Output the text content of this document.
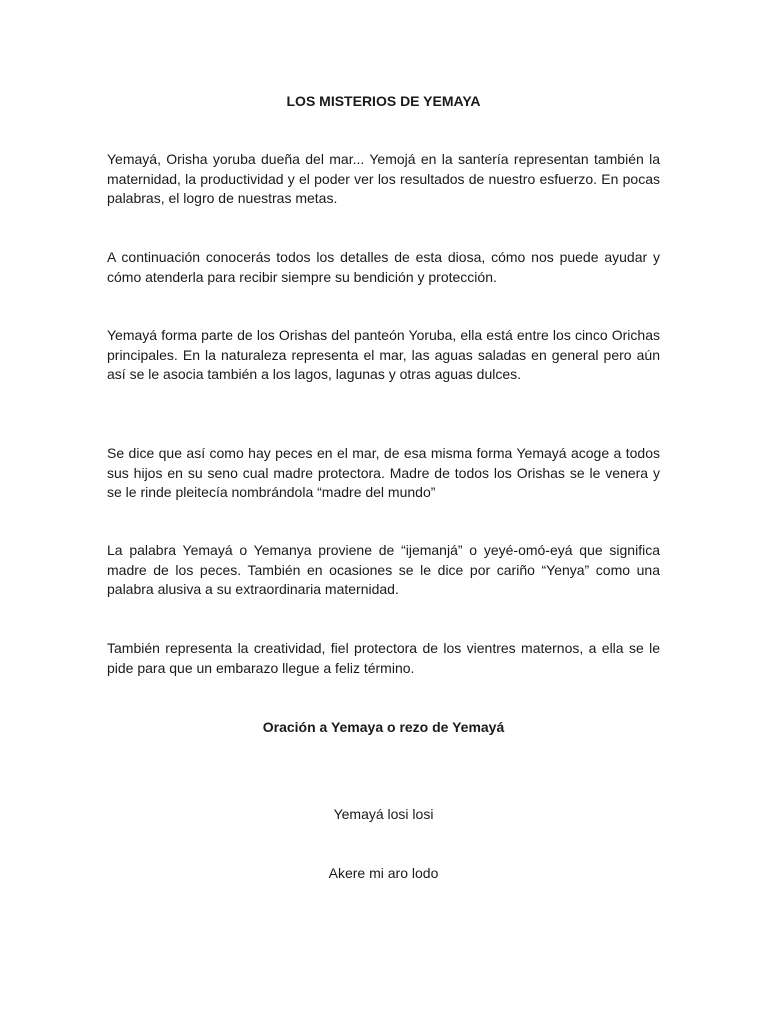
LOS MISTERIOS DE YEMAYA

Yemayá, Orisha yoruba dueña del mar... Yemojá en la santería representan también la maternidad, la productividad y el poder ver los resultados de nuestro esfuerzo. En pocas palabras, el logro de nuestras metas.

A continuación conocerás todos los detalles de esta diosa, cómo nos puede ayudar y cómo atenderla para recibir siempre su bendición y protección.

Yemayá forma parte de los Orishas del panteón Yoruba, ella está entre los cinco Orichas principales. En la naturaleza representa el mar, las aguas saladas en general pero aún así se le asocia también a los lagos, lagunas y otras aguas dulces.

Se dice que así como hay peces en el mar, de esa misma forma Yemayá acoge a todos sus hijos en su seno cual madre protectora. Madre de todos los Orishas se le venera y se le rinde pleitecía nombrándola “madre del mundo”

La palabra Yemayá o Yemanya proviene de “ijemanjá” o yeyé-omó-eyá que significa madre de los peces. También en ocasiones se le dice por cariño “Yenya” como una palabra alusiva a su extraordinaria maternidad.

También representa la creatividad, fiel protectora de los vientres maternos, a ella se le pide para que un embarazo llegue a feliz término.

Oración a Yemaya o rezo de Yemayá

Yemayá losi losi

Akere mi aro lodo
